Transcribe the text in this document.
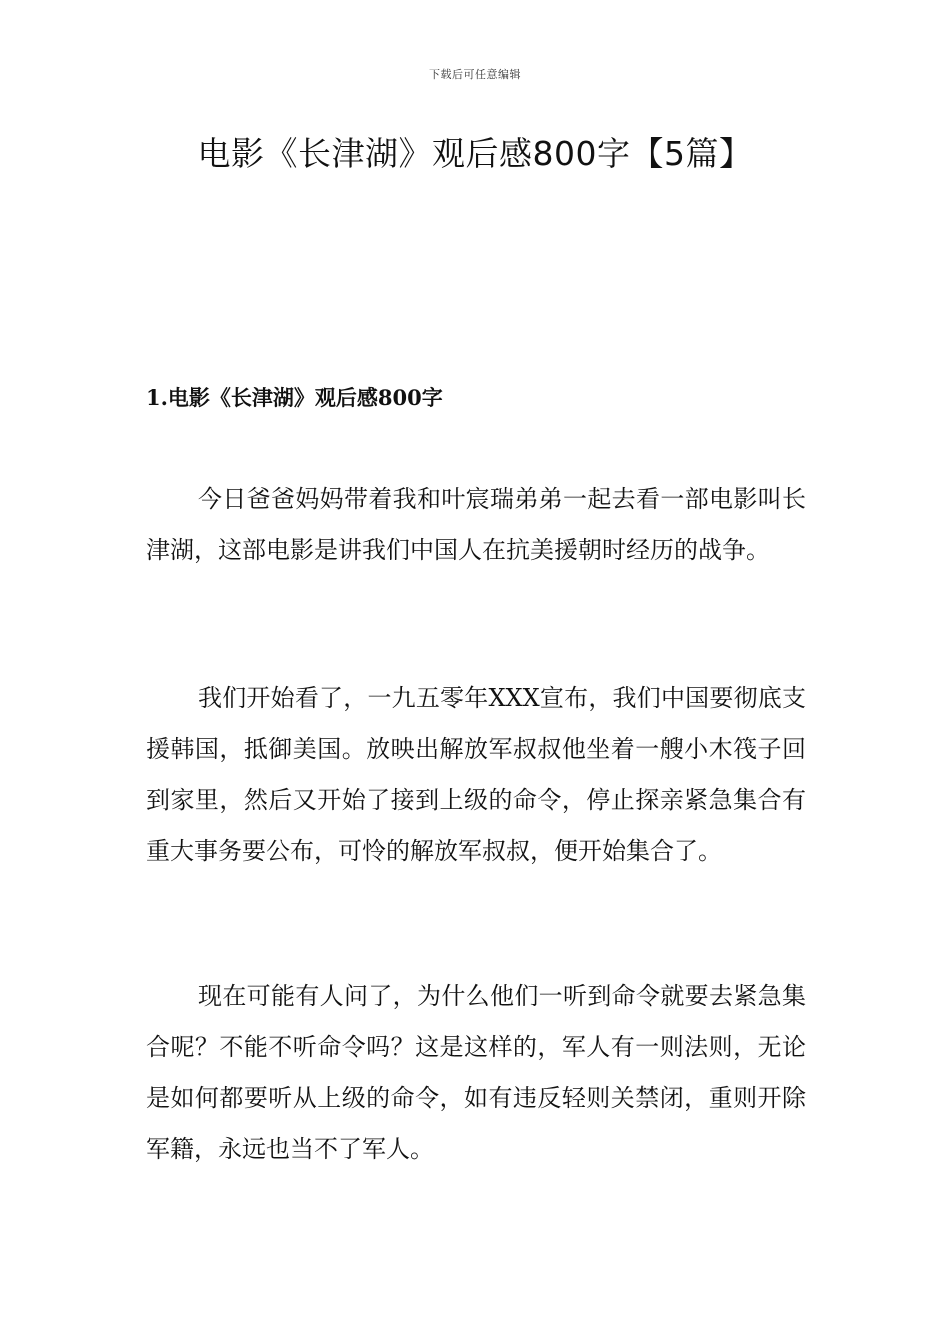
下载后可任意编辑
电影《长津湖》观后感800字【5篇】
1.电影《长津湖》观后感800字

今日爸爸妈妈带着我和叶宸瑞弟弟一起去看一部电影叫长津湖，这部电影是讲我们中国人在抗美援朝时经历的战争。

我们开始看了，一九五零年XXX宣布，我们中国要彻底支援韩国，抵御美国。放映出解放军叔叔他坐着一艘小木筏子回到家里，然后又开始了接到上级的命令，停止探亲紧急集合有重大事务要公布，可怜的解放军叔叔，便开始集合了。

现在可能有人问了，为什么他们一听到命令就要去紧急集合呢？不能不听命令吗？这是这样的，军人有一则法则，无论是如何都要听从上级的命令，如有违反轻则关禁闭，重则开除军籍，永远也当不了军人。
